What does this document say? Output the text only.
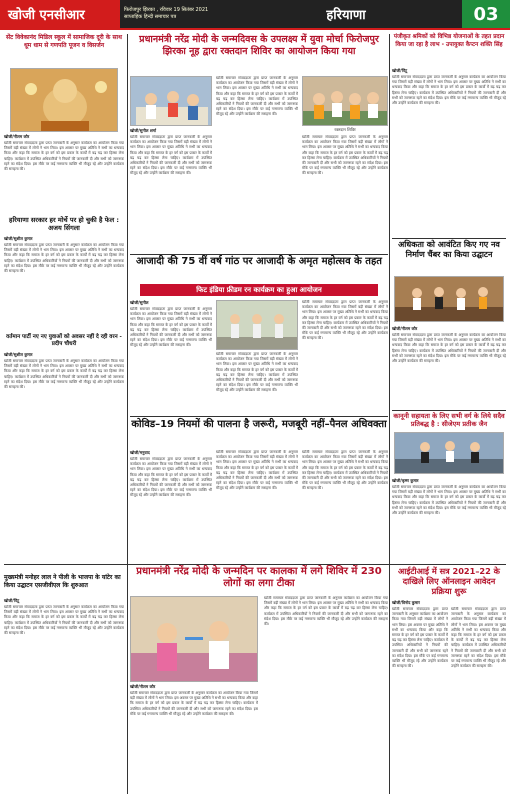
खोजी एनसीआर	फिरोजपुर झिरका , रविवार 19 सितंबर 2021
साप्ताहिक हिन्दी समाचार पत्र	हरियाणा	03
सेंट विवेकानंद मिडिल स्कूल में सामाजिक दूरी के साथ धूम धाम से गणपति पूजन व विसर्जन
खोजी/नीलम कौर
खोजी समाचार संवाददाता द्वारा प्राप्त जानकारी के अनुसार कार्यक्रम का आयोजन किया गया जिसमें बड़ी संख्या में लोगों ने भाग लिया। इस अवसर पर मुख्य अतिथि ने सभी का धन्यवाद किया और कहा कि समाज के हर वर्ग को इस प्रकार के कार्यों में बढ़ चढ़ कर हिस्सा लेना चाहिए। कार्यक्रम में उपस्थित अधिकारियों ने नियमों की जानकारी दी और सभी को जागरूक रहने का संदेश दिया। इस मौके पर कई गणमान्य व्यक्ति भी मौजूद रहे और उन्होंने कार्यक्रम की सराहना की।
हरियाणा सरकार हर मोर्चे पर हो चुकी है फेल : अजय सिंगला
खोजी/सुशील कुमार
खोजी समाचार संवाददाता द्वारा प्राप्त जानकारी के अनुसार कार्यक्रम का आयोजन किया गया जिसमें बड़ी संख्या में लोगों ने भाग लिया। इस अवसर पर मुख्य अतिथि ने सभी का धन्यवाद किया और कहा कि समाज के हर वर्ग को इस प्रकार के कार्यों में बढ़ चढ़ कर हिस्सा लेना चाहिए। कार्यक्रम में उपस्थित अधिकारियों ने नियमों की जानकारी दी और सभी को जागरूक रहने का संदेश दिया। इस मौके पर कई गणमान्य व्यक्ति भी मौजूद रहे और उन्होंने कार्यक्रम की सराहना की।
वर्तमान पार्टी नए नए युवाओं को अवसर नहीं दे रही वरन - प्रदीप चौधरी
खोजी/सुशील कुमार
खोजी समाचार संवाददाता द्वारा प्राप्त जानकारी के अनुसार कार्यक्रम का आयोजन किया गया जिसमें बड़ी संख्या में लोगों ने भाग लिया। इस अवसर पर मुख्य अतिथि ने सभी का धन्यवाद किया और कहा कि समाज के हर वर्ग को इस प्रकार के कार्यों में बढ़ चढ़ कर हिस्सा लेना चाहिए। कार्यक्रम में उपस्थित अधिकारियों ने नियमों की जानकारी दी और सभी को जागरूक रहने का संदेश दिया। इस मौके पर कई गणमान्य व्यक्ति भी मौजूद रहे और उन्होंने कार्यक्रम की सराहना की।
प्रधानमंत्री नरेंद्र मोदी के जन्मदिवस के उपलक्ष्य में युवा मोर्चा फिरोजपुर झिरका नूह द्वारा रक्तदान शिविर का आयोजन किया गया
खोजी/सुनील शर्मा
खोजी समाचार संवाददाता द्वारा प्राप्त जानकारी के अनुसार कार्यक्रम का आयोजन किया गया जिसमें बड़ी संख्या में लोगों ने भाग लिया। इस अवसर पर मुख्य अतिथि ने सभी का धन्यवाद किया और कहा कि समाज के हर वर्ग को इस प्रकार के कार्यों में बढ़ चढ़ कर हिस्सा लेना चाहिए। कार्यक्रम में उपस्थित अधिकारियों ने नियमों की जानकारी दी और सभी को जागरूक रहने का संदेश दिया। इस मौके पर कई गणमान्य व्यक्ति भी मौजूद रहे और उन्होंने कार्यक्रम की सराहना की।
खोजी समाचार संवाददाता द्वारा प्राप्त जानकारी के अनुसार कार्यक्रम का आयोजन किया गया जिसमें बड़ी संख्या में लोगों ने भाग लिया। इस अवसर पर मुख्य अतिथि ने सभी का धन्यवाद किया और कहा कि समाज के हर वर्ग को इस प्रकार के कार्यों में बढ़ चढ़ कर हिस्सा लेना चाहिए। कार्यक्रम में उपस्थित अधिकारियों ने नियमों की जानकारी दी और सभी को जागरूक रहने का संदेश दिया। इस मौके पर कई गणमान्य व्यक्ति भी मौजूद रहे और उन्होंने कार्यक्रम की सराहना की।
रक्तदान शिविर
खोजी समाचार संवाददाता द्वारा प्राप्त जानकारी के अनुसार कार्यक्रम का आयोजन किया गया जिसमें बड़ी संख्या में लोगों ने भाग लिया। इस अवसर पर मुख्य अतिथि ने सभी का धन्यवाद किया और कहा कि समाज के हर वर्ग को इस प्रकार के कार्यों में बढ़ चढ़ कर हिस्सा लेना चाहिए। कार्यक्रम में उपस्थित अधिकारियों ने नियमों की जानकारी दी और सभी को जागरूक रहने का संदेश दिया। इस मौके पर कई गणमान्य व्यक्ति भी मौजूद रहे और उन्होंने कार्यक्रम की सराहना की।
आजादी की 75 वीं वर्ष गांठ पर आजादी के अमृत महोत्सव के तहत
फिट इंडिया फ्रीडम रन कार्यक्रम का हुआ आयोजन
खोजी/सुनील
खोजी समाचार संवाददाता द्वारा प्राप्त जानकारी के अनुसार कार्यक्रम का आयोजन किया गया जिसमें बड़ी संख्या में लोगों ने भाग लिया। इस अवसर पर मुख्य अतिथि ने सभी का धन्यवाद किया और कहा कि समाज के हर वर्ग को इस प्रकार के कार्यों में बढ़ चढ़ कर हिस्सा लेना चाहिए। कार्यक्रम में उपस्थित अधिकारियों ने नियमों की जानकारी दी और सभी को जागरूक रहने का संदेश दिया। इस मौके पर कई गणमान्य व्यक्ति भी मौजूद रहे और उन्होंने कार्यक्रम की सराहना की।
खोजी समाचार संवाददाता द्वारा प्राप्त जानकारी के अनुसार कार्यक्रम का आयोजन किया गया जिसमें बड़ी संख्या में लोगों ने भाग लिया। इस अवसर पर मुख्य अतिथि ने सभी का धन्यवाद किया और कहा कि समाज के हर वर्ग को इस प्रकार के कार्यों में बढ़ चढ़ कर हिस्सा लेना चाहिए। कार्यक्रम में उपस्थित अधिकारियों ने नियमों की जानकारी दी और सभी को जागरूक रहने का संदेश दिया। इस मौके पर कई गणमान्य व्यक्ति भी मौजूद रहे और उन्होंने कार्यक्रम की सराहना की।
खोजी समाचार संवाददाता द्वारा प्राप्त जानकारी के अनुसार कार्यक्रम का आयोजन किया गया जिसमें बड़ी संख्या में लोगों ने भाग लिया। इस अवसर पर मुख्य अतिथि ने सभी का धन्यवाद किया और कहा कि समाज के हर वर्ग को इस प्रकार के कार्यों में बढ़ चढ़ कर हिस्सा लेना चाहिए। कार्यक्रम में उपस्थित अधिकारियों ने नियमों की जानकारी दी और सभी को जागरूक रहने का संदेश दिया। इस मौके पर कई गणमान्य व्यक्ति भी मौजूद रहे और उन्होंने कार्यक्रम की सराहना की।
कोविड–19 नियमों की पालना है जरूरी, मजबूरी नहीं–पैनल अधिवक्ता
खोजी/मनुवाद
खोजी समाचार संवाददाता द्वारा प्राप्त जानकारी के अनुसार कार्यक्रम का आयोजन किया गया जिसमें बड़ी संख्या में लोगों ने भाग लिया। इस अवसर पर मुख्य अतिथि ने सभी का धन्यवाद किया और कहा कि समाज के हर वर्ग को इस प्रकार के कार्यों में बढ़ चढ़ कर हिस्सा लेना चाहिए। कार्यक्रम में उपस्थित अधिकारियों ने नियमों की जानकारी दी और सभी को जागरूक रहने का संदेश दिया। इस मौके पर कई गणमान्य व्यक्ति भी मौजूद रहे और उन्होंने कार्यक्रम की सराहना की।
खोजी समाचार संवाददाता द्वारा प्राप्त जानकारी के अनुसार कार्यक्रम का आयोजन किया गया जिसमें बड़ी संख्या में लोगों ने भाग लिया। इस अवसर पर मुख्य अतिथि ने सभी का धन्यवाद किया और कहा कि समाज के हर वर्ग को इस प्रकार के कार्यों में बढ़ चढ़ कर हिस्सा लेना चाहिए। कार्यक्रम में उपस्थित अधिकारियों ने नियमों की जानकारी दी और सभी को जागरूक रहने का संदेश दिया। इस मौके पर कई गणमान्य व्यक्ति भी मौजूद रहे और उन्होंने कार्यक्रम की सराहना की।
खोजी समाचार संवाददाता द्वारा प्राप्त जानकारी के अनुसार कार्यक्रम का आयोजन किया गया जिसमें बड़ी संख्या में लोगों ने भाग लिया। इस अवसर पर मुख्य अतिथि ने सभी का धन्यवाद किया और कहा कि समाज के हर वर्ग को इस प्रकार के कार्यों में बढ़ चढ़ कर हिस्सा लेना चाहिए। कार्यक्रम में उपस्थित अधिकारियों ने नियमों की जानकारी दी और सभी को जागरूक रहने का संदेश दिया। इस मौके पर कई गणमान्य व्यक्ति भी मौजूद रहे और उन्होंने कार्यक्रम की सराहना की।
पंजीकृत श्रमिकों को विभिन्न योजनाओं के तहत प्रदान किया जा रहा है लाभ - उपायुक्त कैप्टन शक्ति सिंह
खोजी/पिंटू
खोजी समाचार संवाददाता द्वारा प्राप्त जानकारी के अनुसार कार्यक्रम का आयोजन किया गया जिसमें बड़ी संख्या में लोगों ने भाग लिया। इस अवसर पर मुख्य अतिथि ने सभी का धन्यवाद किया और कहा कि समाज के हर वर्ग को इस प्रकार के कार्यों में बढ़ चढ़ कर हिस्सा लेना चाहिए। कार्यक्रम में उपस्थित अधिकारियों ने नियमों की जानकारी दी और सभी को जागरूक रहने का संदेश दिया। इस मौके पर कई गणमान्य व्यक्ति भी मौजूद रहे और उन्होंने कार्यक्रम की सराहना की।
अधिकता को आवंटित किए गए नव निर्माण चैंबर का किया उद्घाटन
खोजी/नीलम कौर
खोजी समाचार संवाददाता द्वारा प्राप्त जानकारी के अनुसार कार्यक्रम का आयोजन किया गया जिसमें बड़ी संख्या में लोगों ने भाग लिया। इस अवसर पर मुख्य अतिथि ने सभी का धन्यवाद किया और कहा कि समाज के हर वर्ग को इस प्रकार के कार्यों में बढ़ चढ़ कर हिस्सा लेना चाहिए। कार्यक्रम में उपस्थित अधिकारियों ने नियमों की जानकारी दी और सभी को जागरूक रहने का संदेश दिया। इस मौके पर कई गणमान्य व्यक्ति भी मौजूद रहे और उन्होंने कार्यक्रम की सराहना की।
कानूनी सहायता के लिए सभी वर्ग के लिये सदैव प्रतिबद्ध है : सीजेएम प्रतीक जैन
खोजी/कृष्ण कुमार
खोजी समाचार संवाददाता द्वारा प्राप्त जानकारी के अनुसार कार्यक्रम का आयोजन किया गया जिसमें बड़ी संख्या में लोगों ने भाग लिया। इस अवसर पर मुख्य अतिथि ने सभी का धन्यवाद किया और कहा कि समाज के हर वर्ग को इस प्रकार के कार्यों में बढ़ चढ़ कर हिस्सा लेना चाहिए। कार्यक्रम में उपस्थित अधिकारियों ने नियमों की जानकारी दी और सभी को जागरूक रहने का संदेश दिया। इस मौके पर कई गणमान्य व्यक्ति भी मौजूद रहे और उन्होंने कार्यक्रम की सराहना की।
मुख्यमंत्री मनोहर लाल ने पीली के भाजपा के यांटेर का किया उद्घाटन एसजीवीएल कि शुरुआत
खोजी/पिंटू
खोजी समाचार संवाददाता द्वारा प्राप्त जानकारी के अनुसार कार्यक्रम का आयोजन किया गया जिसमें बड़ी संख्या में लोगों ने भाग लिया। इस अवसर पर मुख्य अतिथि ने सभी का धन्यवाद किया और कहा कि समाज के हर वर्ग को इस प्रकार के कार्यों में बढ़ चढ़ कर हिस्सा लेना चाहिए। कार्यक्रम में उपस्थित अधिकारियों ने नियमों की जानकारी दी और सभी को जागरूक रहने का संदेश दिया। इस मौके पर कई गणमान्य व्यक्ति भी मौजूद रहे और उन्होंने कार्यक्रम की सराहना की।
प्रधानमंत्री नरेंद्र मोदी के जन्मदिन पर कालका में लगे शिविर में 230 लोगों का लगा टीका
खोजी/नीलम कौर
खोजी समाचार संवाददाता द्वारा प्राप्त जानकारी के अनुसार कार्यक्रम का आयोजन किया गया जिसमें बड़ी संख्या में लोगों ने भाग लिया। इस अवसर पर मुख्य अतिथि ने सभी का धन्यवाद किया और कहा कि समाज के हर वर्ग को इस प्रकार के कार्यों में बढ़ चढ़ कर हिस्सा लेना चाहिए। कार्यक्रम में उपस्थित अधिकारियों ने नियमों की जानकारी दी और सभी को जागरूक रहने का संदेश दिया। इस मौके पर कई गणमान्य व्यक्ति भी मौजूद रहे और उन्होंने कार्यक्रम की सराहना की।
खोजी समाचार संवाददाता द्वारा प्राप्त जानकारी के अनुसार कार्यक्रम का आयोजन किया गया जिसमें बड़ी संख्या में लोगों ने भाग लिया। इस अवसर पर मुख्य अतिथि ने सभी का धन्यवाद किया और कहा कि समाज के हर वर्ग को इस प्रकार के कार्यों में बढ़ चढ़ कर हिस्सा लेना चाहिए। कार्यक्रम में उपस्थित अधिकारियों ने नियमों की जानकारी दी और सभी को जागरूक रहने का संदेश दिया। इस मौके पर कई गणमान्य व्यक्ति भी मौजूद रहे और उन्होंने कार्यक्रम की सराहना की।
आईटीआई में सत्र 2021–22 के दाखिले लिए ऑनलाइन आवेदन प्रक्रिया शुरू
खोजी/विनोद कुमार
खोजी समाचार संवाददाता द्वारा प्राप्त जानकारी के अनुसार कार्यक्रम का आयोजन किया गया जिसमें बड़ी संख्या में लोगों ने भाग लिया। इस अवसर पर मुख्य अतिथि ने सभी का धन्यवाद किया और कहा कि समाज के हर वर्ग को इस प्रकार के कार्यों में बढ़ चढ़ कर हिस्सा लेना चाहिए। कार्यक्रम में उपस्थित अधिकारियों ने नियमों की जानकारी दी और सभी को जागरूक रहने का संदेश दिया। इस मौके पर कई गणमान्य व्यक्ति भी मौजूद रहे और उन्होंने कार्यक्रम की सराहना की।
खोजी समाचार संवाददाता द्वारा प्राप्त जानकारी के अनुसार कार्यक्रम का आयोजन किया गया जिसमें बड़ी संख्या में लोगों ने भाग लिया। इस अवसर पर मुख्य अतिथि ने सभी का धन्यवाद किया और कहा कि समाज के हर वर्ग को इस प्रकार के कार्यों में बढ़ चढ़ कर हिस्सा लेना चाहिए। कार्यक्रम में उपस्थित अधिकारियों ने नियमों की जानकारी दी और सभी को जागरूक रहने का संदेश दिया। इस मौके पर कई गणमान्य व्यक्ति भी मौजूद रहे और उन्होंने कार्यक्रम की सराहना की।
